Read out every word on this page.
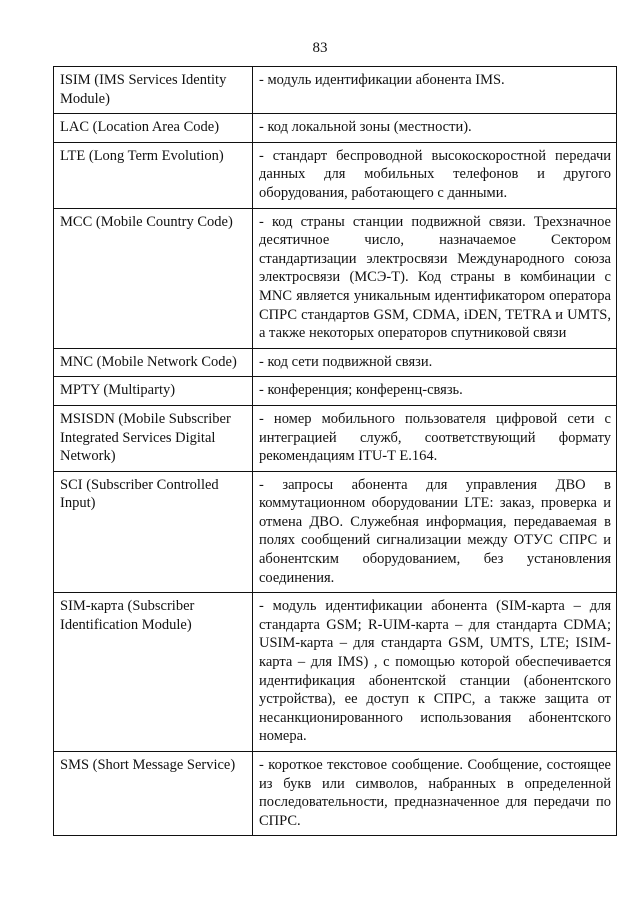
83
ISIM (IMS Services Identity Module)	- модуль идентификации абонента IMS.
LAC (Location Area Code)	- код локальной зоны (местности).
LTE (Long Term Evolution)	- стандарт беспроводной высокоскоростной передачи данных для мобильных телефонов и другого оборудования, работающего с данными.
MCC (Mobile Country Code)	- код страны станции подвижной связи. Трехзначное десятичное число, назначаемое Сектором стандартизации электросвязи Международного союза электросвязи (МСЭ-Т). Код страны в комбинации с MNC является уникальным идентификатором оператора СПРС стандартов GSM, CDMA, iDEN, TETRA и UMTS, а также некоторых операторов спутниковой связи
MNC (Mobile Network Code)	- код сети подвижной связи.
MPTY (Multiparty)	- конференция; конференц-связь.
MSISDN (Mobile Subscriber Integrated Services Digital Network)	- номер мобильного пользователя цифровой сети с интеграцией служб, соответствующий формату рекомендациям ITU-T E.164.
SCI (Subscriber Controlled Input)	- запросы абонента для управления ДВО в коммутационном оборудовании LTE: заказ, проверка и отмена ДВО. Служебная информация, передаваемая в полях сообщений сигнализации между ОТУС СПРС и абонентским оборудованием, без установления соединения.
SIM-карта (Subscriber Identification Module)	- модуль идентификации абонента (SIM-карта – для стандарта GSM; R-UIM-карта – для стандарта CDMA; USIM-карта – для стандарта GSM, UMTS, LTE; ISIM-карта – для IMS) , с помощью которой обеспечивается идентификация абонентской станции (абонентского устройства), ее доступ к СПРС, а также защита от несанкционированного использования абонентского номера.
SMS (Short Message Service)	- короткое текстовое сообщение. Сообщение, состоящее из букв или символов, набранных в определенной последовательности, предназначенное для передачи по СПРС.
